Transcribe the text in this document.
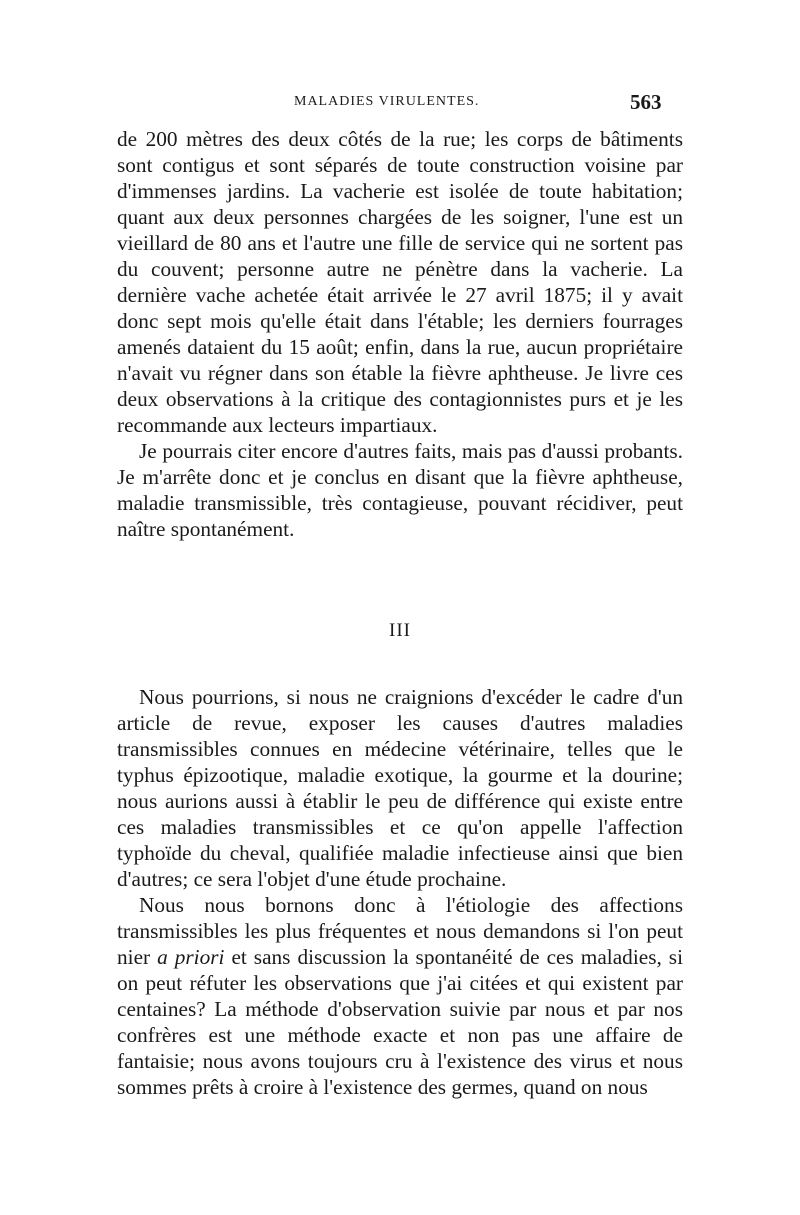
MALADIES VIRULENTES.	563

de 200 mètres des deux côtés de la rue; les corps de bâtiments sont contigus et sont séparés de toute construction voisine par d'immenses jardins. La vacherie est isolée de toute habitation; quant aux deux personnes chargées de les soigner, l'une est un vieillard de 80 ans et l'autre une fille de service qui ne sortent pas du couvent; personne autre ne pénètre dans la vacherie. La dernière vache achetée était arrivée le 27 avril 1875; il y avait donc sept mois qu'elle était dans l'étable; les derniers fourrages amenés dataient du 15 août; enfin, dans la rue, aucun propriétaire n'avait vu régner dans son étable la fièvre aphtheuse. Je livre ces deux observations à la critique des contagionnistes purs et je les recommande aux lecteurs impartiaux.

Je pourrais citer encore d'autres faits, mais pas d'aussi probants. Je m'arrête donc et je conclus en disant que la fièvre aphtheuse, maladie transmissible, très contagieuse, pouvant récidiver, peut naître spontanément.

III

Nous pourrions, si nous ne craignions d'excéder le cadre d'un article de revue, exposer les causes d'autres maladies transmissibles connues en médecine vétérinaire, telles que le typhus épizootique, maladie exotique, la gourme et la dourine; nous aurions aussi à établir le peu de différence qui existe entre ces maladies transmissibles et ce qu'on appelle l'affection typhoïde du cheval, qualifiée maladie infectieuse ainsi que bien d'autres; ce sera l'objet d'une étude prochaine.

Nous nous bornons donc à l'étiologie des affections transmissibles les plus fréquentes et nous demandons si l'on peut nier a priori et sans discussion la spontanéité de ces maladies, si on peut réfuter les observations que j'ai citées et qui existent par centaines? La méthode d'observation suivie par nous et par nos confrères est une méthode exacte et non pas une affaire de fantaisie; nous avons toujours cru à l'existence des virus et nous sommes prêts à croire à l'existence des germes, quand on nous
